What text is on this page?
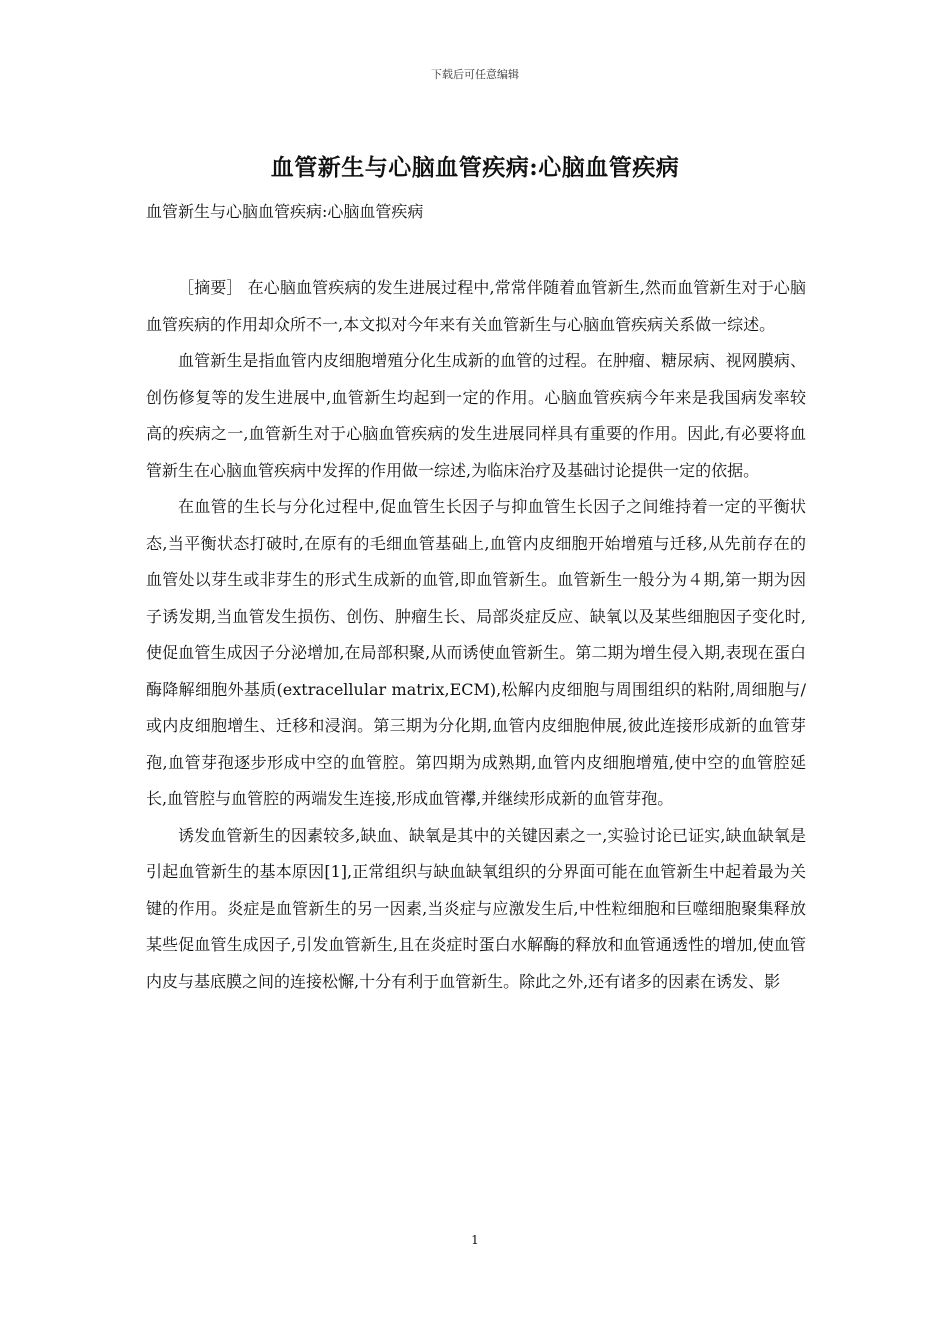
下载后可任意编辑
血管新生与心脑血管疾病:心脑血管疾病
血管新生与心脑血管疾病:心脑血管疾病

［摘要］ 在心脑血管疾病的发生进展过程中,常常伴随着血管新生,然而血管新生对于心脑血管疾病的作用却众所不一,本文拟对今年来有关血管新生与心脑血管疾病关系做一综述。

血管新生是指血管内皮细胞增殖分化生成新的血管的过程。在肿瘤、糖尿病、视网膜病、创伤修复等的发生进展中,血管新生均起到一定的作用。心脑血管疾病今年来是我国病发率较高的疾病之一,血管新生对于心脑血管疾病的发生进展同样具有重要的作用。因此,有必要将血管新生在心脑血管疾病中发挥的作用做一综述,为临床治疗及基础讨论提供一定的依据。

在血管的生长与分化过程中,促血管生长因子与抑血管生长因子之间维持着一定的平衡状态,当平衡状态打破时,在原有的毛细血管基础上,血管内皮细胞开始增殖与迁移,从先前存在的血管处以芽生或非芽生的形式生成新的血管,即血管新生。血管新生一般分为４期,第一期为因子诱发期,当血管发生损伤、创伤、肿瘤生长、局部炎症反应、缺氧以及某些细胞因子变化时,使促血管生成因子分泌增加,在局部积聚,从而诱使血管新生。第二期为增生侵入期,表现在蛋白酶降解细胞外基质(extracellular matrix,ECM),松解内皮细胞与周围组织的粘附,周细胞与/或内皮细胞增生、迁移和浸润。第三期为分化期,血管内皮细胞伸展,彼此连接形成新的血管芽孢,血管芽孢逐步形成中空的血管腔。第四期为成熟期,血管内皮细胞增殖,使中空的血管腔延长,血管腔与血管腔的两端发生连接,形成血管襻,并继续形成新的血管芽孢。

诱发血管新生的因素较多,缺血、缺氧是其中的关键因素之一,实验讨论已证实,缺血缺氧是引起血管新生的基本原因[1],正常组织与缺血缺氧组织的分界面可能在血管新生中起着最为关键的作用。炎症是血管新生的另一因素,当炎症与应激发生后,中性粒细胞和巨噬细胞聚集释放某些促血管生成因子,引发血管新生,且在炎症时蛋白水解酶的释放和血管通透性的增加,使血管内皮与基底膜之间的连接松懈,十分有利于血管新生。除此之外,还有诸多的因素在诱发、影

1
